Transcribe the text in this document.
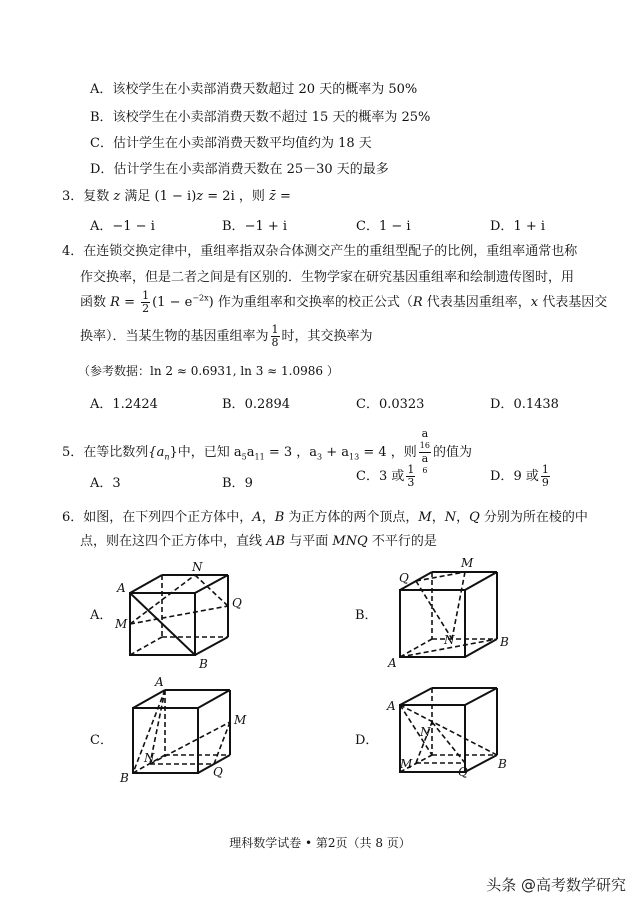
A．该校学生在小卖部消费天数超过 20 天的概率为 50%
B．该校学生在小卖部消费天数不超过 15 天的概率为 25%
C．估计学生在小卖部消费天数平均值约为 18 天
D．估计学生在小卖部消费天数在 25－30 天的最多
3．复数 z 满足 (1 − i)z = 2i ，则 z̄ =
A．−1 − i	B．−1 + i	C．1 − i	D．1 + i
4．在连锁交换定律中，重组率指双杂合体测交产生的重组型配子的比例，重组率通常也称
作交换率，但是二者之间是有区别的．生物学家在研究基因重组率和绘制遗传图时，用
函数 $R = \frac{1}{2} (1 - e^{-2x})$ 作为重组率和交换率的校正公式（R 代表基因重组率，x 代表基因交
换率）．当某生物的基因重组率为 $\frac{1}{8}$ 时，其交换率为
（参考数据：ln 2 ≈ 0.6931, ln 3 ≈ 1.0986 ）
A．1.2424	B．0.2894	C．0.0323	D．0.1438
5．在等比数列$\{a_n\}$中，已知 $a_5a_{11} = 3$ ，$a_3 + a_{13} = 4$ ，则 a
16
a
6 的值为
A．3	B．9	C．3 或 $\frac{1}{3}$	D．9 或 $\frac{1}{9}$
6．如图，在下列四个正方体中，A，B 为正方体的两个顶点，M，N，Q 分别为所在棱的中
点，则在这四个正方体中，直线 AB 与平面 MNQ 不平行的是
A．	B．
C．	D．
A
N
Q
M
B
Q
M
N	B
A
A
M
N
Q
B
A
N
M
Q
B
理科数学试卷 • 第2页（共 8 页）
头条 @高考数学研究
